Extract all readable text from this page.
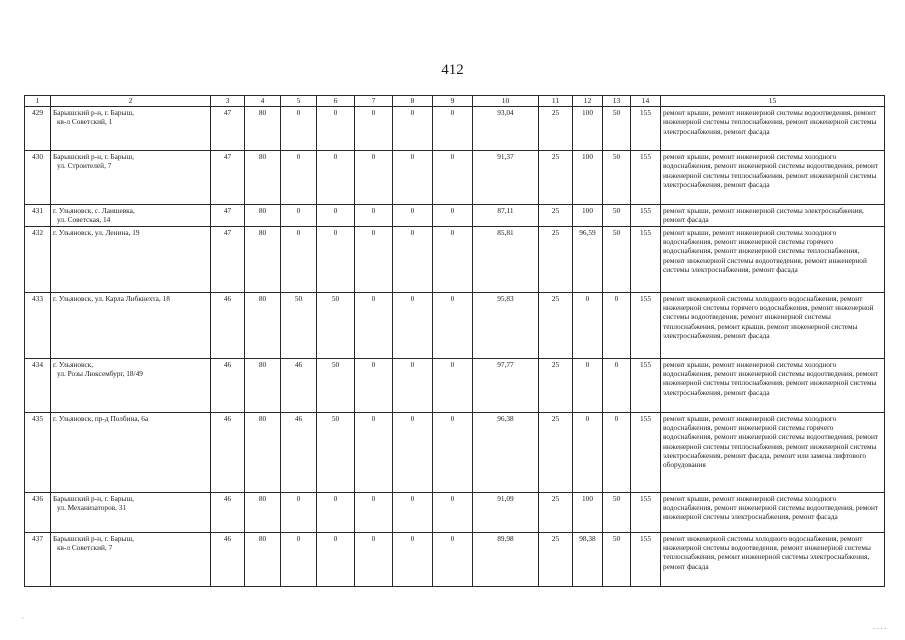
412
1	2	3	4	5	6	7	8	9	10	11	12	13	14	15
429	Барышский р-н, г. Барыш,
кв-л Советский, 1	47	80	0	0	0	0	0	93,04	25	100	50	155	ремонт крыши, ремонт инженерной системы водоотведения, ремонт инженерной системы теплоснабжения, ремонт инженерной системы электроснабжения, ремонт фасада
430	Барышский р-н, г. Барыш,
ул. Строителей, 7	47	80	0	0	0	0	0	91,37	25	100	50	155	ремонт крыши, ремонт инженерной системы холодного водоснабжения, ремонт инженерной системы водоотведения, ремонт инженерной системы теплоснабжения, ремонт инженерной системы электроснабжения, ремонт фасада
431	г. Ульяновск, с. Лаишевка,
ул. Советская, 14	47	80	0	0	0	0	0	87,11	25	100	50	155	ремонт крыши, ремонт инженерной системы электроснабжения, ремонт фасада
432	г. Ульяновск, ул. Ленина, 19	47	80	0	0	0	0	0	85,81	25	96,59	50	155	ремонт крыши, ремонт инженерной системы холодного водоснабжения, ремонт инженерной системы горячего водоснабжения, ремонт инженерной системы теплоснабжения, ремонт инженерной системы водоотведения, ремонт инженерной системы электроснабжения, ремонт фасада
433	г. Ульяновск, ул. Карла Либкнехта, 18	46	80	50	50	0	0	0	95,83	25	0	0	155	ремонт инженерной системы холодного водоснабжения, ремонт инженерной системы горячего водоснабжения, ремонт инженерной системы водоотведения, ремонт инженерной системы теплоснабжения, ремонт крыши, ремонт инженерной системы электроснабжения, ремонт фасада
434	г. Ульяновск,
ул. Розы Люксембург, 18/49	46	80	46	50	0	0	0	97,77	25	0	0	155	ремонт крыши, ремонт инженерной системы холодного водоснабжения, ремонт инженерной системы водоотведения, ремонт инженерной системы теплоснабжения, ремонт инженерной системы электроснабжения, ремонт фасада
435	г. Ульяновск, пр-д Полбина, 6а	46	80	46	50	0	0	0	96,38	25	0	0	155	ремонт крыши, ремонт инженерной системы холодного водоснабжения, ремонт инженерной системы горячего водоснабжения, ремонт инженерной системы водоотведения, ремонт инженерной системы теплоснабжения, ремонт инженерной системы электроснабжения, ремонт фасада, ремонт или замена лифтового оборудования
436	Барышский р-н, г. Барыш,
ул. Механизаторов, 31	46	80	0	0	0	0	0	91,09	25	100	50	155	ремонт крыши, ремонт инженерной системы холодного водоснабжения, ремонт инженерной системы водоотведения, ремонт инженерной системы электроснабжения, ремонт фасада
437	Барышский р-н, г. Барыш,
кв-л Советский, 7	46	80	0	0	0	0	0	89,98	25	98,38	50	155	ремонт инженерной системы холодного водоснабжения, ремонт инженерной системы водоотведения, ремонт инженерной системы теплоснабжения, ремонт инженерной системы электроснабжения, ремонт фасада
´
. . . .
